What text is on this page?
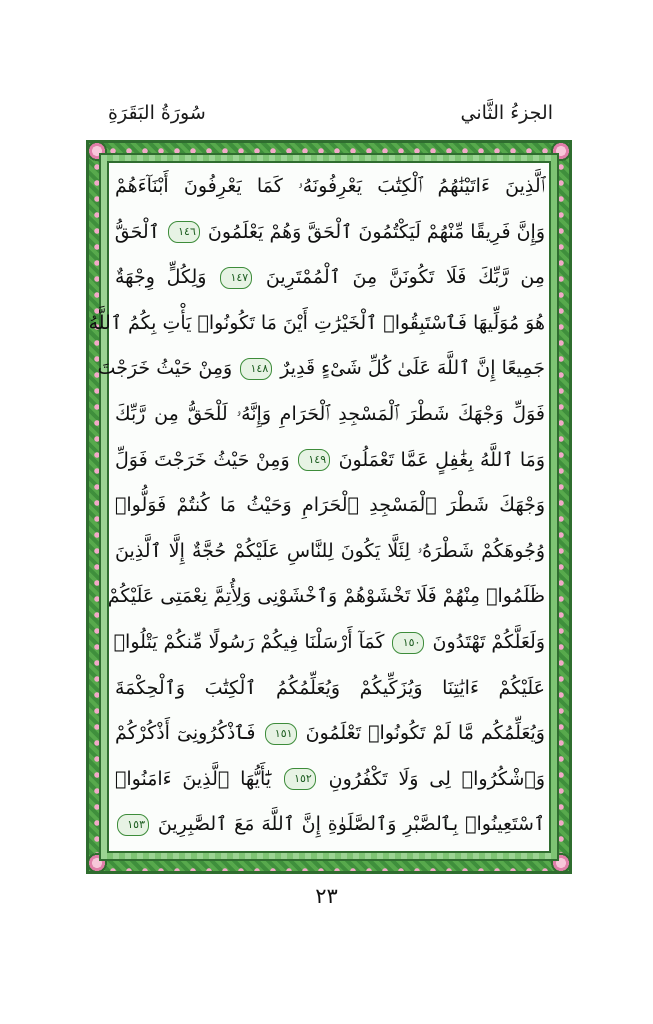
الجزءُ الثَّاني
سُورَةُ البَقَرَةِ
ٱلَّذِينَ ءَاتَيْنَٰهُمُ ٱلْكِتَٰبَ يَعْرِفُونَهُۥ كَمَا يَعْرِفُونَ أَبْنَآءَهُمْ
وَإِنَّ فَرِيقًا مِّنْهُمْ لَيَكْتُمُونَ ٱلْحَقَّ وَهُمْ يَعْلَمُونَ ١٤٦ ٱلْحَقُّ
مِن رَّبِّكَ فَلَا تَكُونَنَّ مِنَ ٱلْمُمْتَرِينَ ١٤٧ وَلِكُلٍّ وِجْهَةٌ
هُوَ مُوَلِّيهَا فَٱسْتَبِقُوا۟ ٱلْخَيْرَٰتِ أَيْنَ مَا تَكُونُوا۟ يَأْتِ بِكُمُ ٱللَّهُ
جَمِيعًا إِنَّ ٱللَّهَ عَلَىٰ كُلِّ شَىْءٍ قَدِيرٌ ١٤٨ وَمِنْ حَيْثُ خَرَجْتَ
فَوَلِّ وَجْهَكَ شَطْرَ ٱلْمَسْجِدِ ٱلْحَرَامِ وَإِنَّهُۥ لَلْحَقُّ مِن رَّبِّكَ
وَمَا ٱللَّهُ بِغَٰفِلٍ عَمَّا تَعْمَلُونَ ١٤٩ وَمِنْ حَيْثُ خَرَجْتَ فَوَلِّ
وَجْهَكَ شَطْرَ ٱلْمَسْجِدِ ٱلْحَرَامِ وَحَيْثُ مَا كُنتُمْ فَوَلُّوا۟
وُجُوهَكُمْ شَطْرَهُۥ لِئَلَّا يَكُونَ لِلنَّاسِ عَلَيْكُمْ حُجَّةٌ إِلَّا ٱلَّذِينَ
ظَلَمُوا۟ مِنْهُمْ فَلَا تَخْشَوْهُمْ وَٱخْشَوْنِى وَلِأُتِمَّ نِعْمَتِى عَلَيْكُمْ
وَلَعَلَّكُمْ تَهْتَدُونَ ١٥٠ كَمَآ أَرْسَلْنَا فِيكُمْ رَسُولًا مِّنكُمْ يَتْلُوا۟
عَلَيْكُمْ ءَايَٰتِنَا وَيُزَكِّيكُمْ وَيُعَلِّمُكُمُ ٱلْكِتَٰبَ وَٱلْحِكْمَةَ
وَيُعَلِّمُكُم مَّا لَمْ تَكُونُوا۟ تَعْلَمُونَ ١٥١ فَٱذْكُرُونِىٓ أَذْكُرْكُمْ
وَٱشْكُرُوا۟ لِى وَلَا تَكْفُرُونِ ١٥٢ يَٰٓأَيُّهَا ٱلَّذِينَ ءَامَنُوا۟
ٱسْتَعِينُوا۟ بِٱلصَّبْرِ وَٱلصَّلَوٰةِ إِنَّ ٱللَّهَ مَعَ ٱلصَّٰبِرِينَ ١٥٣
٢٣
